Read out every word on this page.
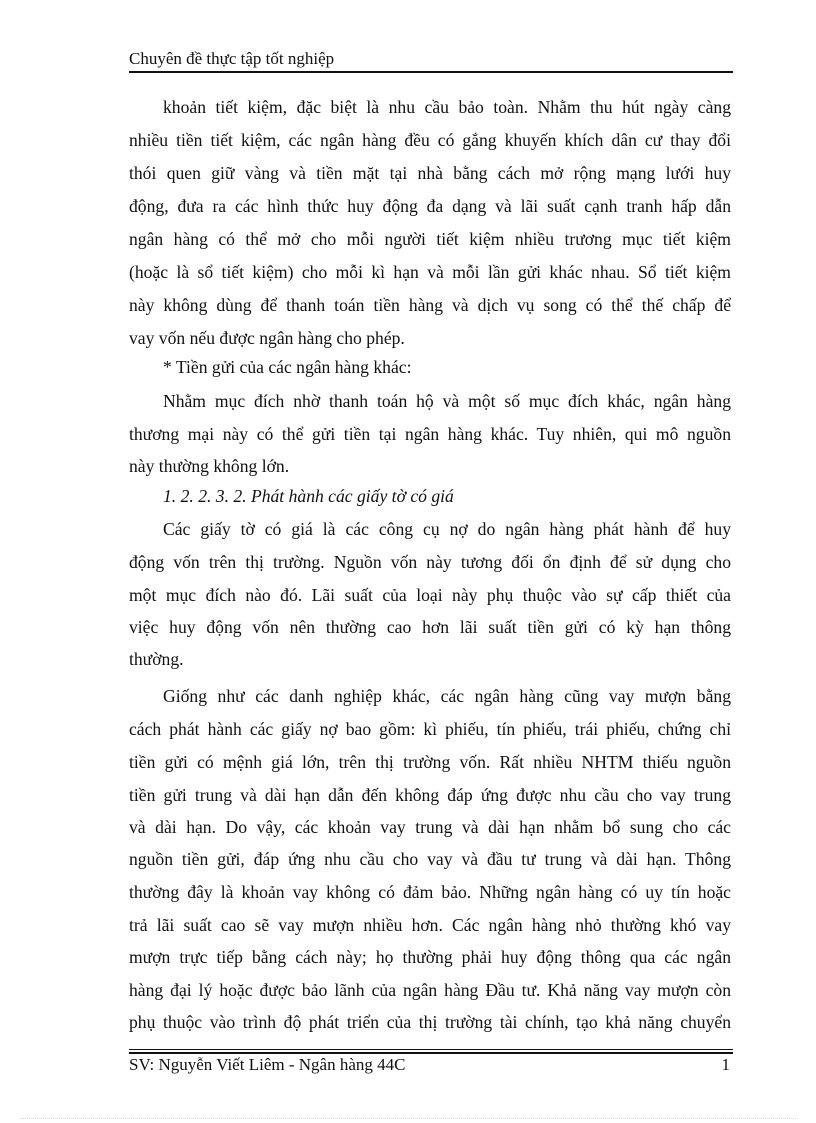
Chuyên đề thực tập tốt nghiệp
khoản tiết kiệm, đặc biệt là nhu cầu bảo toàn. Nhằm thu hút ngày càng
nhiều tiền tiết kiệm, các ngân hàng đều có gắng khuyến khích dân cư thay đổi
thói quen giữ vàng và tiền mặt tại nhà bằng cách mở rộng mạng lưới huy
động, đưa ra các hình thức huy động đa dạng và lãi suất cạnh tranh hấp dẫn
ngân hàng có thể mở cho mỗi người tiết kiệm nhiều trương mục tiết kiệm
(hoặc là sổ tiết kiệm) cho mỗi kì hạn và mỗi lần gửi khác nhau. Sổ tiết kiệm
này không dùng để thanh toán tiền hàng và dịch vụ song có thể thế chấp để
vay vốn nếu được ngân hàng cho phép.
* Tiền gửi của các ngân hàng khác:
Nhằm mục đích nhờ thanh toán hộ và một số mục đích khác, ngân hàng
thương mại này có thể gửi tiền tại ngân hàng khác. Tuy nhiên, qui mô nguồn
này thường không lớn.
1. 2. 2. 3. 2. Phát hành các giấy tờ có giá
Các giấy tờ có giá là các công cụ nợ do ngân hàng phát hành để huy
động vốn trên thị trường. Nguồn vốn này tương đối ổn định để sử dụng cho
một mục đích nào đó. Lãi suất của loại này phụ thuộc vào sự cấp thiết của
việc huy động vốn nên thường cao hơn lãi suất tiền gửi có kỳ hạn thông
thường.
Giống như các danh nghiệp khác, các ngân hàng cũng vay mượn bằng
cách phát hành các giấy nợ bao gồm: kì phiếu, tín phiếu, trái phiếu, chứng chỉ
tiền gửi có mệnh giá lớn, trên thị trường vốn. Rất nhiều NHTM thiếu nguồn
tiền gửi trung và dài hạn dẫn đến không đáp ứng được nhu cầu cho vay trung
và dài hạn. Do vậy, các khoản vay trung và dài hạn nhằm bổ sung cho các
nguồn tiền gửi, đáp ứng nhu cầu cho vay và đầu tư trung và dài hạn. Thông
thường đây là khoản vay không có đảm bảo. Những ngân hàng có uy tín hoặc
trả lãi suất cao sẽ vay mượn nhiều hơn. Các ngân hàng nhỏ thường khó vay
mượn trực tiếp bằng cách này; họ thường phải huy động thông qua các ngân
hàng đại lý hoặc được bảo lãnh của ngân hàng Đầu tư. Khả năng vay mượn còn
phụ thuộc vào trình độ phát triển của thị trường tài chính, tạo khả năng chuyển
SV: Nguyễn Viết Liêm - Ngân hàng 44C	1
